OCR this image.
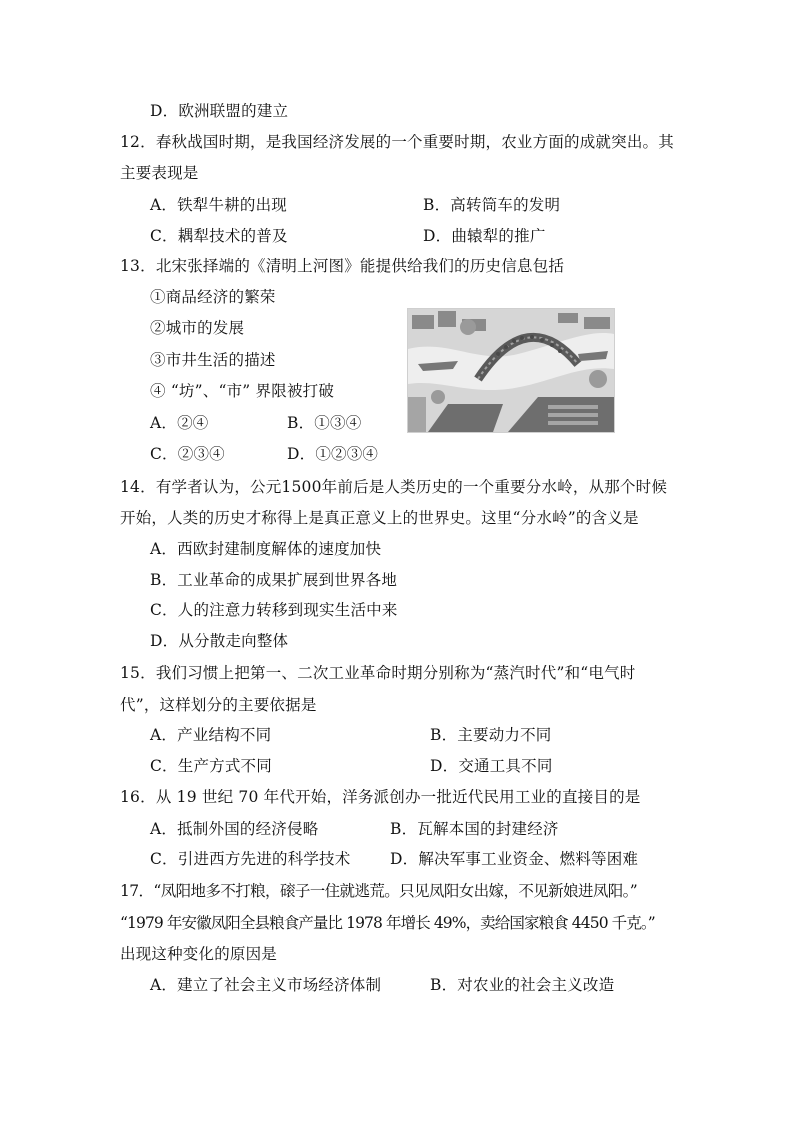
D．欧洲联盟的建立
12．春秋战国时期，是我国经济发展的一个重要时期，农业方面的成就突出。其
主要表现是
A．铁犁牛耕的出现	B．高转筒车的发明
C．耦犁技术的普及	D．曲辕犁的推广
13．北宋张择端的《清明上河图》能提供给我们的历史信息包括
①商品经济的繁荣
②城市的发展
③市井生活的描述
④ “坊”、“市” 界限被打破
A．②④	B．①③④
C．②③④	D．①②③④
14．有学者认为，公元1500年前后是人类历史的一个重要分水岭，从那个时候
开始，人类的历史才称得上是真正意义上的世界史。这里“分水岭”的含义是
A．西欧封建制度解体的速度加快
B．工业革命的成果扩展到世界各地
C．人的注意力转移到现实生活中来
D．从分散走向整体
15．我们习惯上把第一、二次工业革命时期分别称为“蒸汽时代”和“电气时
代”，这样划分的主要依据是
A．产业结构不同	B．主要动力不同
C．生产方式不同	D．交通工具不同
16．从 19 世纪 70 年代开始，洋务派创办一批近代民用工业的直接目的是
A．抵制外国的经济侵略	B．瓦解本国的封建经济
C．引进西方先进的科学技术	D．解决军事工业资金、燃料等困难
17．“凤阳地多不打粮，磙子一住就逃荒。只见凤阳女出嫁，不见新娘进凤阳。”
“1979 年安徽凤阳全县粮食产量比 1978 年增长 49%，卖给国家粮食 4450 千克。”
出现这种变化的原因是
A．建立了社会主义市场经济体制	B．对农业的社会主义改造
